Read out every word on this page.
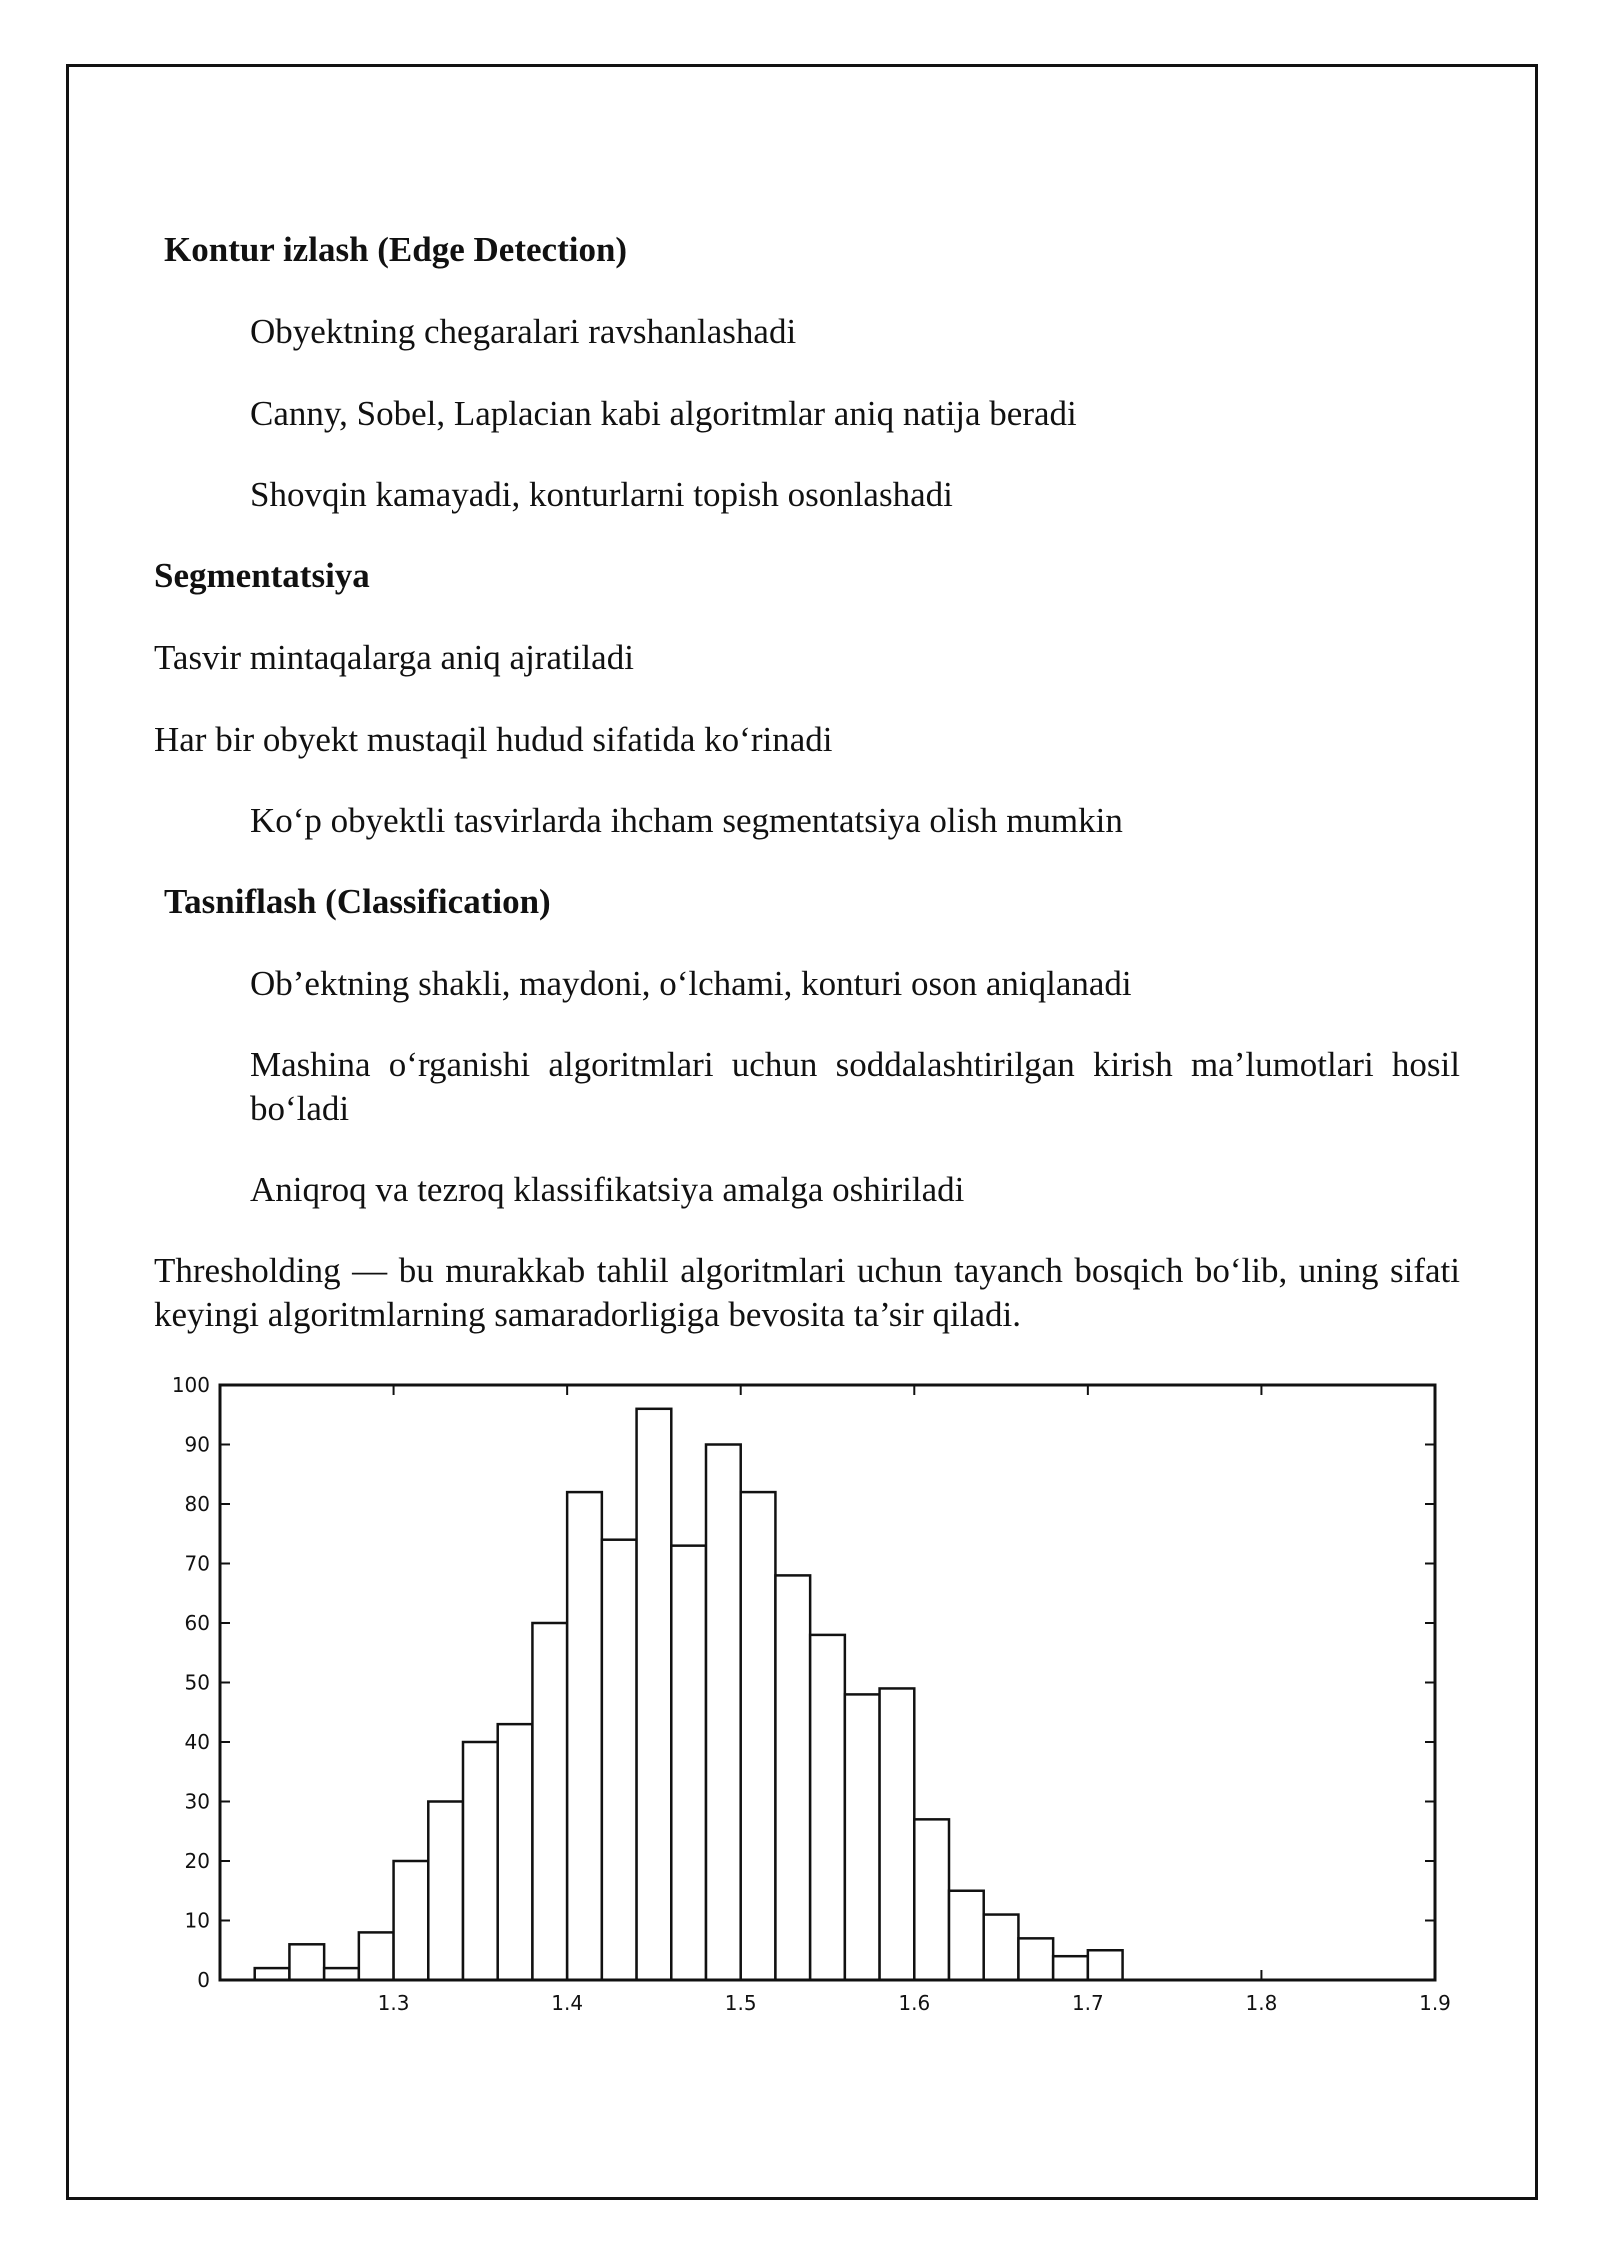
Kontur izlash (Edge Detection)
Obyektning chegaralari ravshanlashadi
Canny, Sobel, Laplacian kabi algoritmlar aniq natija beradi
Shovqin kamayadi, konturlarni topish osonlashadi
Segmentatsiya
Tasvir mintaqalarga aniq ajratiladi
Har bir obyekt mustaqil hudud sifatida ko‘rinadi
Ko‘p obyektli tasvirlarda ihcham segmentatsiya olish mumkin
Tasniflash (Classification)
Ob’ektning shakli, maydoni, o‘lchami, konturi oson aniqlanadi
Mashina o‘rganishi algoritmlari uchun soddalashtirilgan kirish ma’lumotlari hosil bo‘ladi
Aniqroq va tezroq klassifikatsiya amalga oshiriladi
Thresholding — bu murakkab tahlil algoritmlari uchun tayanch bosqich bo‘lib, uning sifati keyingi algoritmlarning samaradorligiga bevosita ta’sir qiladi.
0
10
20
30
40
50
60
70
80
90
100
1.3	1.4	1.5	1.6	1.7	1.8	1.9
